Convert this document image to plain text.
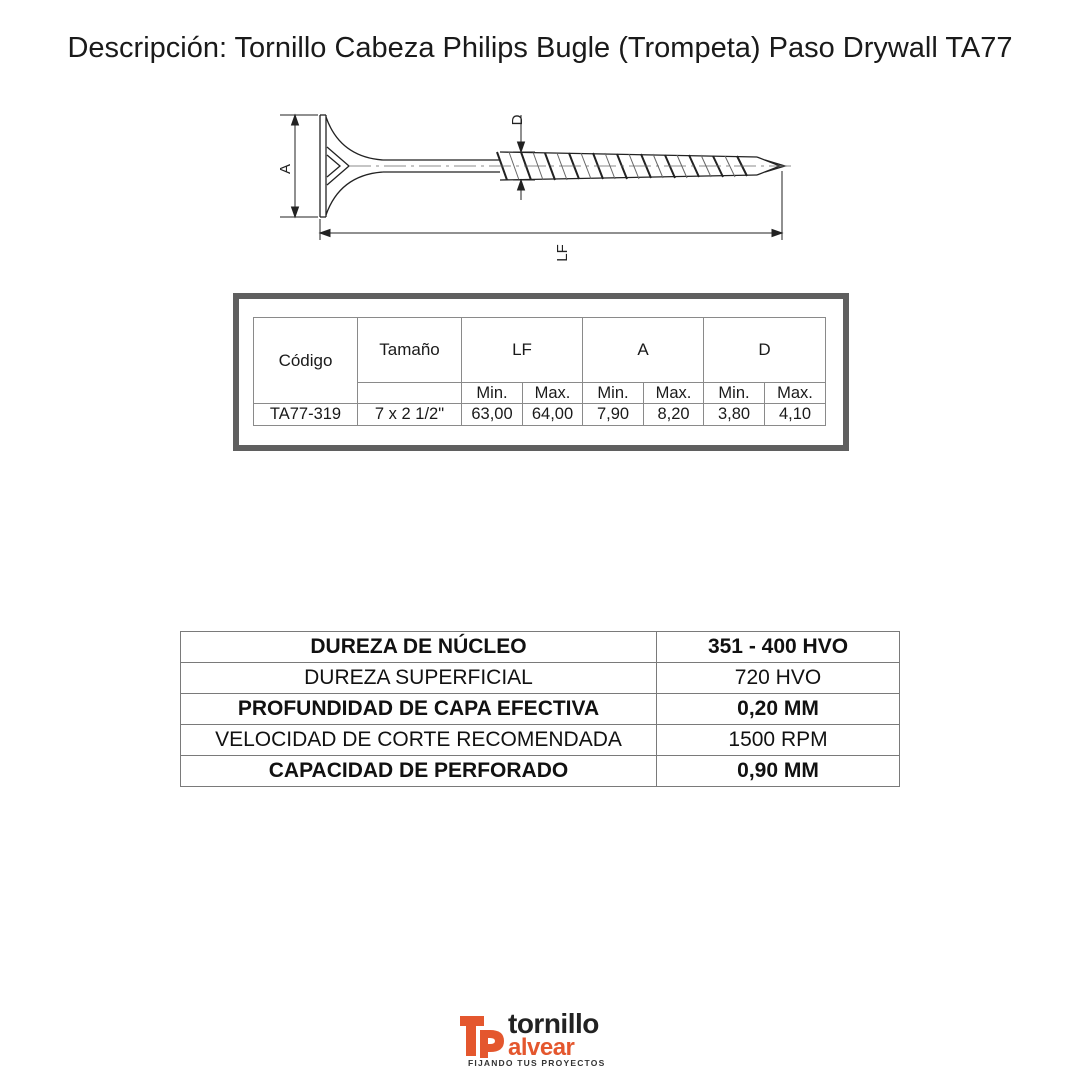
Descripción: Tornillo Cabeza Philips Bugle (Trompeta) Paso Drywall TA77
A
D
LF
Código	Tamaño	LF		A		D	
		Min.	Max.	Min.	Max.	Min.	Max.
TA77-319	7 x 2 1/2"	63,00	64,00	7,90	8,20	3,80	4,10
DUREZA DE NÚCLEO	351 - 400 HVO
DUREZA SUPERFICIAL	720 HVO
PROFUNDIDAD DE CAPA EFECTIVA	0,20 MM
VELOCIDAD DE CORTE RECOMENDADA	1500 RPM
CAPACIDAD DE PERFORADO	0,90 MM
tornillo
alvear
FIJANDO TUS PROYECTOS
